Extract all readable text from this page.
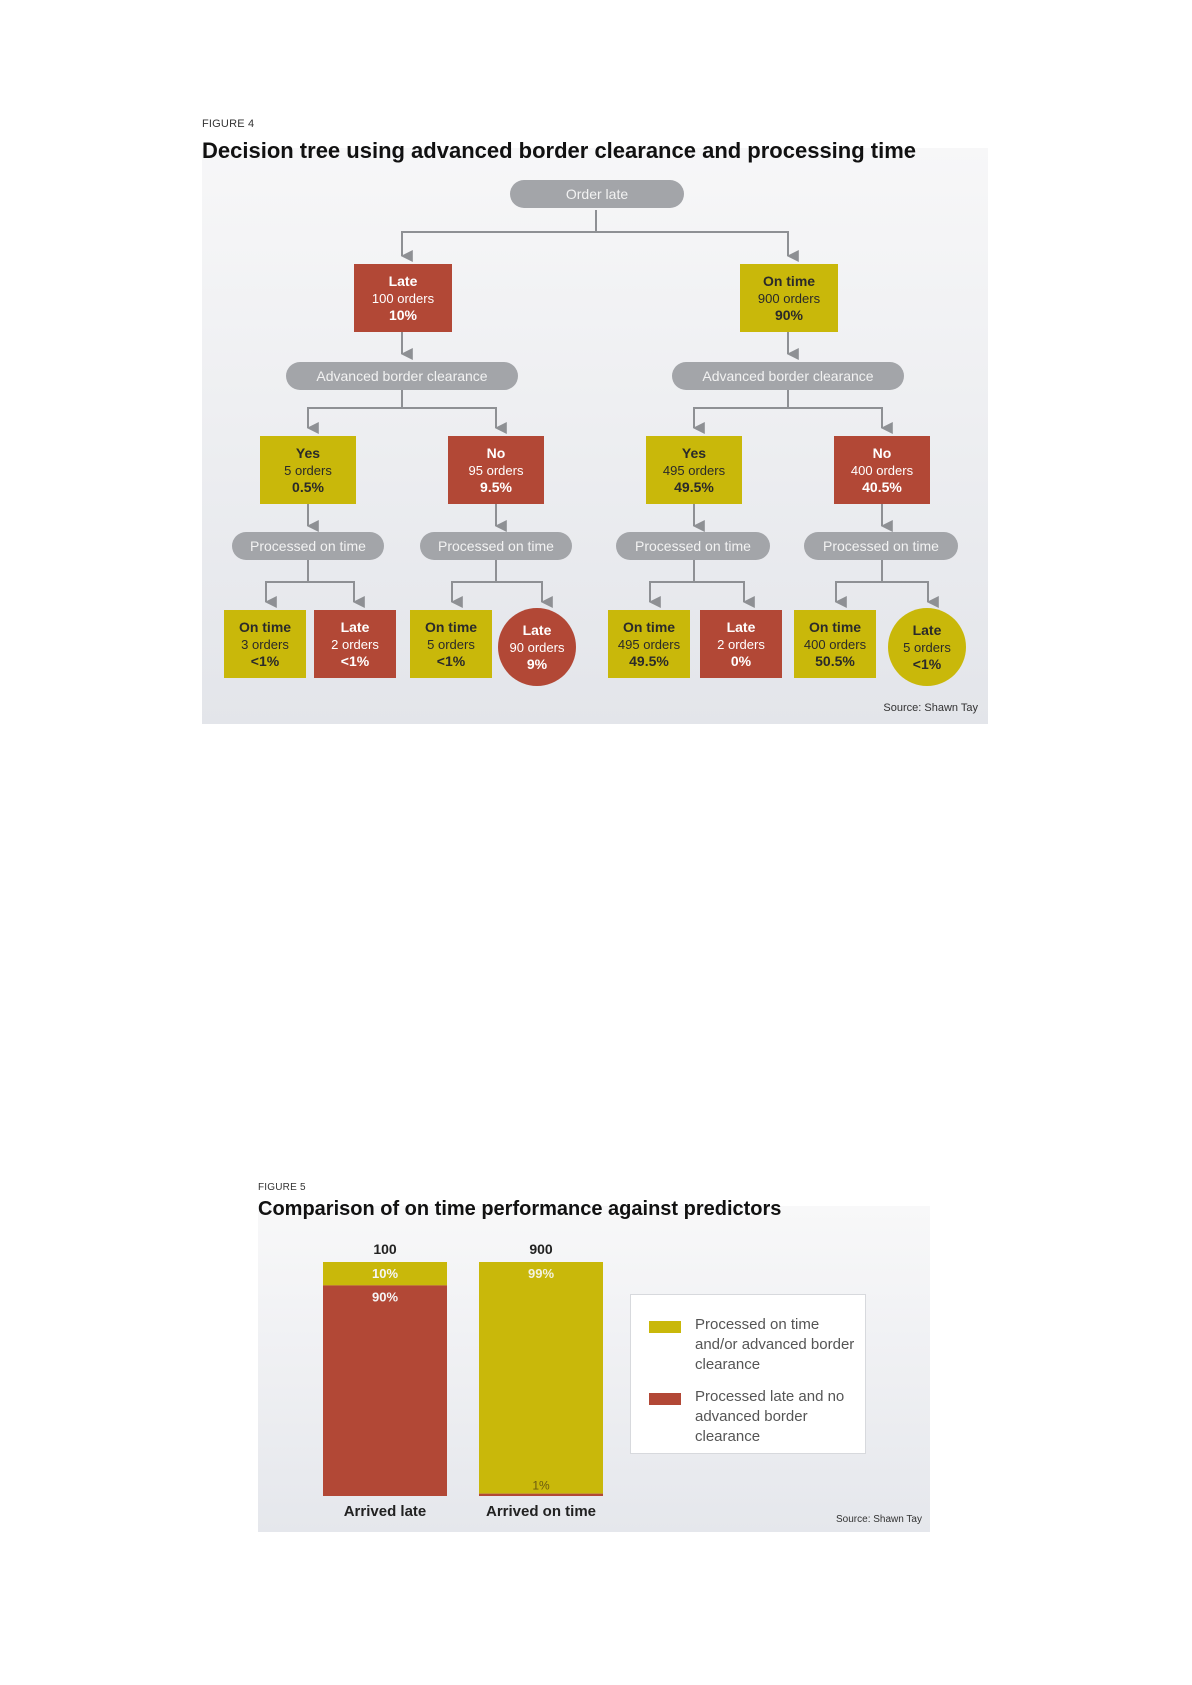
FIGURE 4
Decision tree using advanced border clearance and processing time
Order late
Late
100 orders
10%
On time
900 orders
90%
Advanced border clearance	Advanced border clearance
Yes
5 orders
0.5%
No
95 orders
9.5%
Yes
495 orders
49.5%
No
400 orders
40.5%
Processed on time	Processed on time	Processed on time	Processed on time
On time
3 orders
<1%
Late
2 orders
<1%
On time
5 orders
<1%
Late
90 orders
9%
On time
495 orders
49.5%
Late
2 orders
0%
On time
400 orders
50.5%
Late
5 orders
<1%
Source: Shawn Tay
FIGURE 5
Comparison of on time performance against predictors
10%
90%
100
Arrived late
99%
1%
900
Arrived on time
Processed on time and/or advanced border clearance
Processed late and no advanced border clearance
Source: Shawn Tay
